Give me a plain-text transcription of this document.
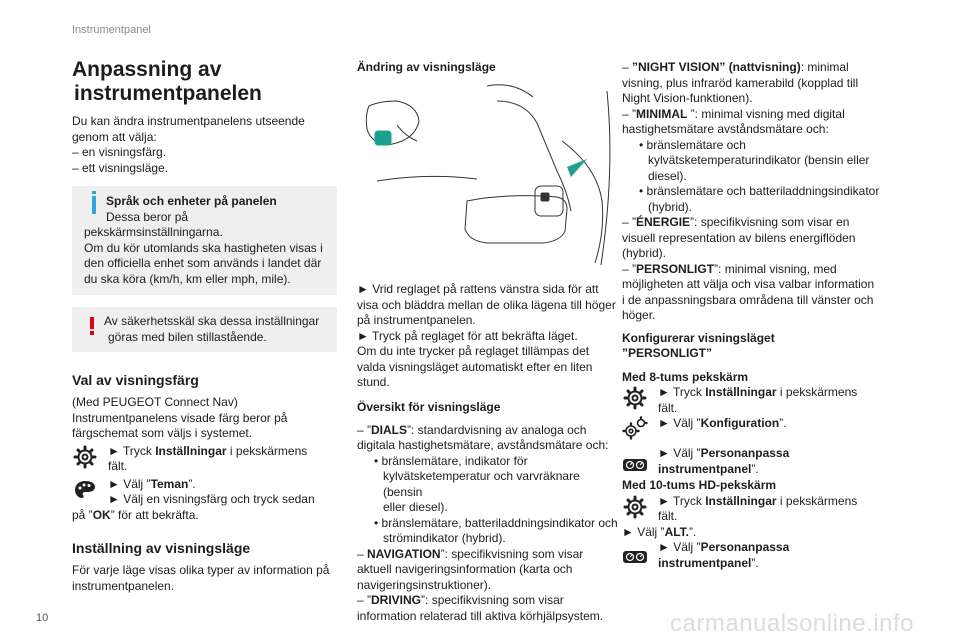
Instrumentpanel
Anpassning av
instrumentpanelen

Du kan ändra instrumentpanelens utseende
genom att välja:
– en visningsfärg.
– ett visningsläge.

Språk och enheter på panelen
Dessa beror på

pekskärmsinställningarna.
Om du kör utomlands ska hastigheten visas i
den officiella enhet som används i landet där
du ska köra (km/h, km eller mph, mile).

Av säkerhetsskäl ska dessa inställningar
göras med bilen stillastående.

Val av visningsfärg

(Med PEUGEOT Connect Nav)
Instrumentpanelens visade färg beror på
färgschemat som väljs i systemet.

► Tryck Inställningar i pekskärmens
fält.

► Välj ”Teman”.
► Välj en visningsfärg och tryck sedan

på ”OK” för att bekräfta.

Inställning av visningsläge

För varje läge visas olika typer av information på
instrumentpanelen.

Ändring av visningsläge

► Vrid reglaget på rattens vänstra sida för att
visa och bläddra mellan de olika lägena till höger
på instrumentpanelen.
► Tryck på reglaget för att bekräfta läget.
Om du inte trycker på reglaget tillämpas det
valda visningsläget automatiskt efter en liten
stund.

Översikt för visningsläge

– ”DIALS”: standardvisning av analoga och
digitala hastighetsmätare, avståndsmätare och:

• bränslemätare, indikator för
kylvätsketemperatur och varvräknare (bensin
eller diesel).

• bränslemätare, batteriladdningsindikator och
strömindikator (hybrid).

– NAVIGATION”: specifikvisning som visar
aktuell navigeringsinformation (karta och
navigeringsinstruktioner).

– ”DRIVING”: specifikvisning som visar
information relaterad till aktiva körhjälpsystem.

– ”NIGHT VISION” (nattvisning): minimal
visning, plus infraröd kamerabild (kopplad till
Night Vision-funktionen).

– ”MINIMAL ”: minimal visning med digital
hastighetsmätare avståndsmätare och:

• bränslemätare och
kylvätsketemperaturindikator (bensin eller
diesel).

• bränslemätare och batteriladdningsindikator
(hybrid).

– ”ÉNERGIE”: specifikvisning som visar en
visuell representation av bilens energiflöden
(hybrid).

– ”PERSONLIGT”: minimal visning, med
möjligheten att välja och visa valbar information
i de anpassningsbara områdena till vänster och
höger.

Konfigurerar visningsläget
”PERSONLIGT”

Med 8-tums pekskärm

► Tryck Inställningar i pekskärmens
fält.

► Välj ”Konfiguration”.

► Välj ”Personanpassa
instrumentpanel”.

Med 10-tums HD-pekskärm

► Tryck Inställningar i pekskärmens
fält.

► Välj ”ALT.”.

► Välj ”Personanpassa
instrumentpanel”.

10	carmanualsonline.info
